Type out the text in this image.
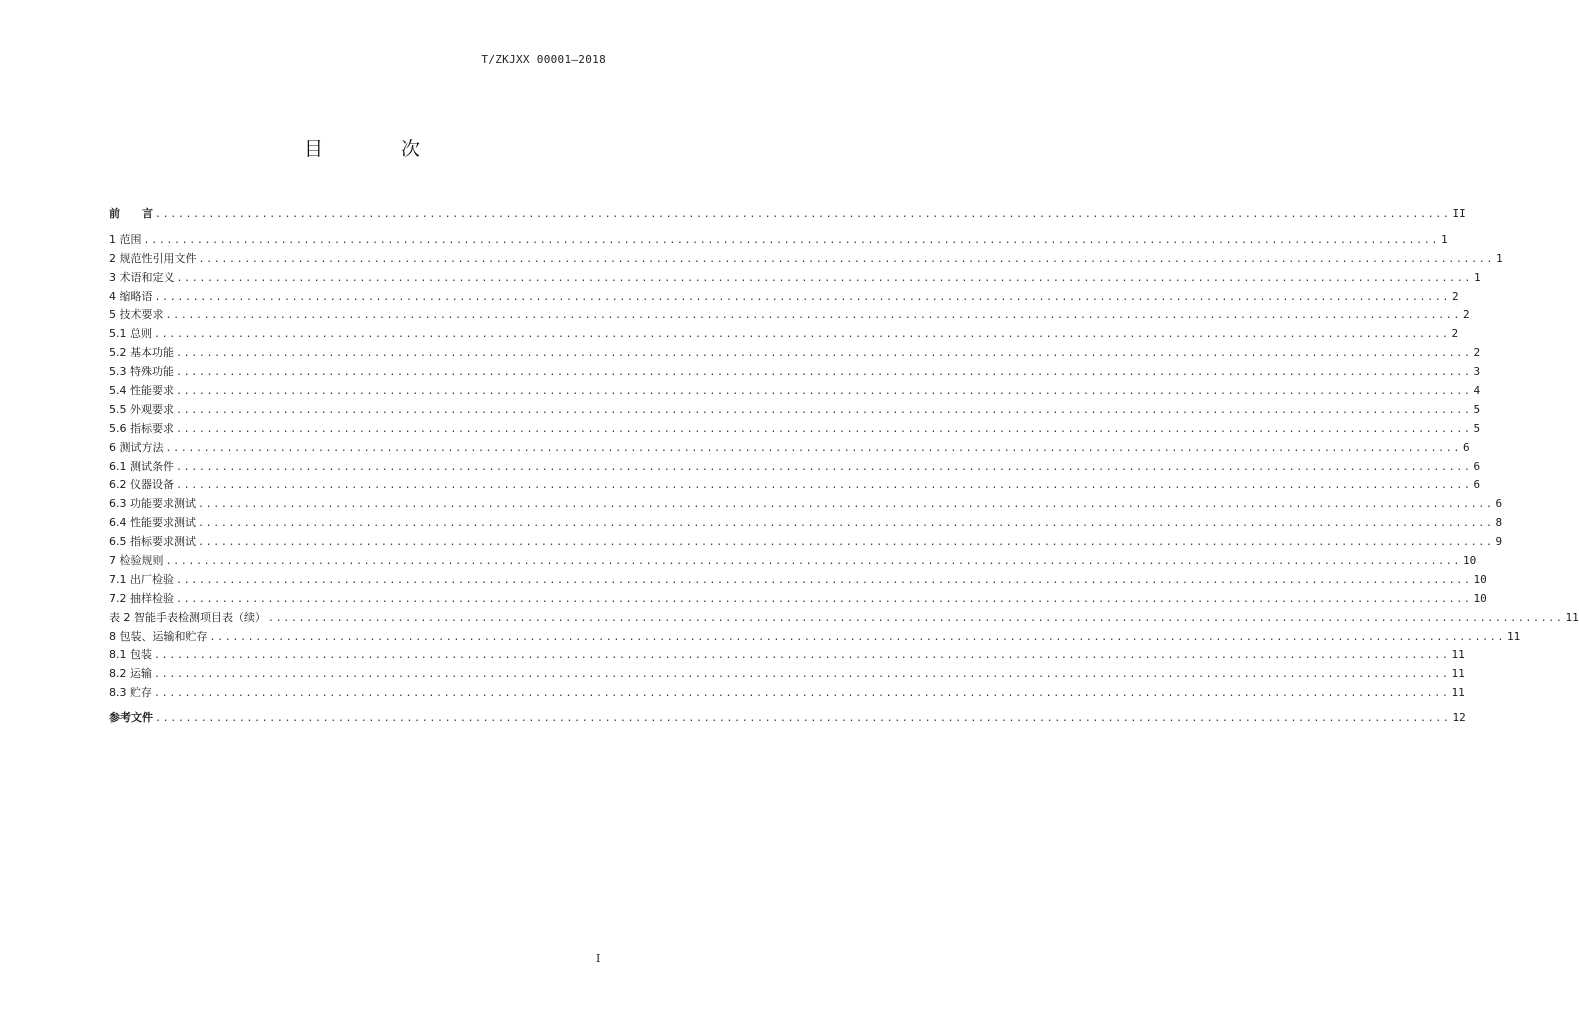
T/ZKJXX 00001—2018
目 次
前　　言 .......................................................................................................................................................................... II
1 范围 .......................................................................................................................................................................... 1
2 规范性引用文件 .......................................................................................................................................................................... 1
3 术语和定义 .......................................................................................................................................................................... 1
4 缩略语 .......................................................................................................................................................................... 2
5 技术要求 .......................................................................................................................................................................... 2
5.1 总则 .......................................................................................................................................................................... 2
5.2 基本功能 .......................................................................................................................................................................... 2
5.3 特殊功能 .......................................................................................................................................................................... 3
5.4 性能要求 .......................................................................................................................................................................... 4
5.5 外观要求 .......................................................................................................................................................................... 5
5.6 指标要求 .......................................................................................................................................................................... 5
6 测试方法 .......................................................................................................................................................................... 6
6.1 测试条件 .......................................................................................................................................................................... 6
6.2 仪器设备 .......................................................................................................................................................................... 6
6.3 功能要求测试 .......................................................................................................................................................................... 6
6.4 性能要求测试 .......................................................................................................................................................................... 8
6.5 指标要求测试 .......................................................................................................................................................................... 9
7 检验规则 .......................................................................................................................................................................... 10
7.1 出厂检验 .......................................................................................................................................................................... 10
7.2 抽样检验 .......................................................................................................................................................................... 10
表 2 智能手表检测项目表（续） .......................................................................................................................................................................... 11
8 包装、运输和贮存 .......................................................................................................................................................................... 11
8.1 包装 .......................................................................................................................................................................... 11
8.2 运输 .......................................................................................................................................................................... 11
8.3 贮存 .......................................................................................................................................................................... 11
参考文件 .......................................................................................................................................................................... 12
I
